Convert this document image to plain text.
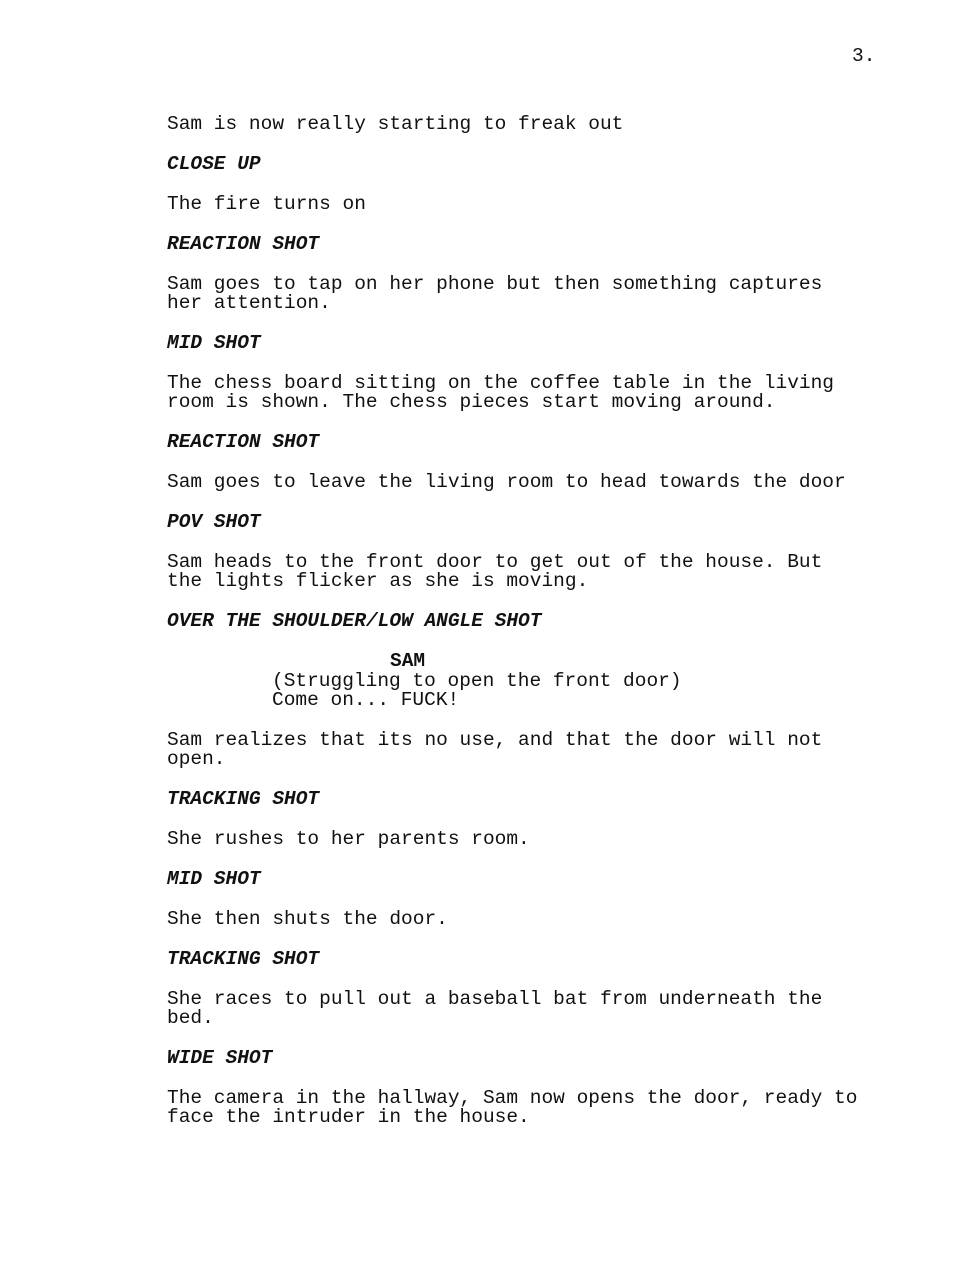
3.
Sam is now really starting to freak out
CLOSE UP
The fire turns on
REACTION SHOT
Sam goes to tap on her phone but then something captures
her attention.
MID SHOT
The chess board sitting on the coffee table in the living
room is shown. The chess pieces start moving around.
REACTION SHOT
Sam goes to leave the living room to head towards the door
POV SHOT
Sam heads to the front door to get out of the house. But
the lights flicker as she is moving.
OVER THE SHOULDER/LOW ANGLE SHOT
SAM
(Struggling to open the front door)
Come on... FUCK!
Sam realizes that its no use, and that the door will not
open.
TRACKING SHOT
She rushes to her parents room.
MID SHOT
She then shuts the door.
TRACKING SHOT
She races to pull out a baseball bat from underneath the
bed.
WIDE SHOT
The camera in the hallway, Sam now opens the door, ready to
face the intruder in the house.
